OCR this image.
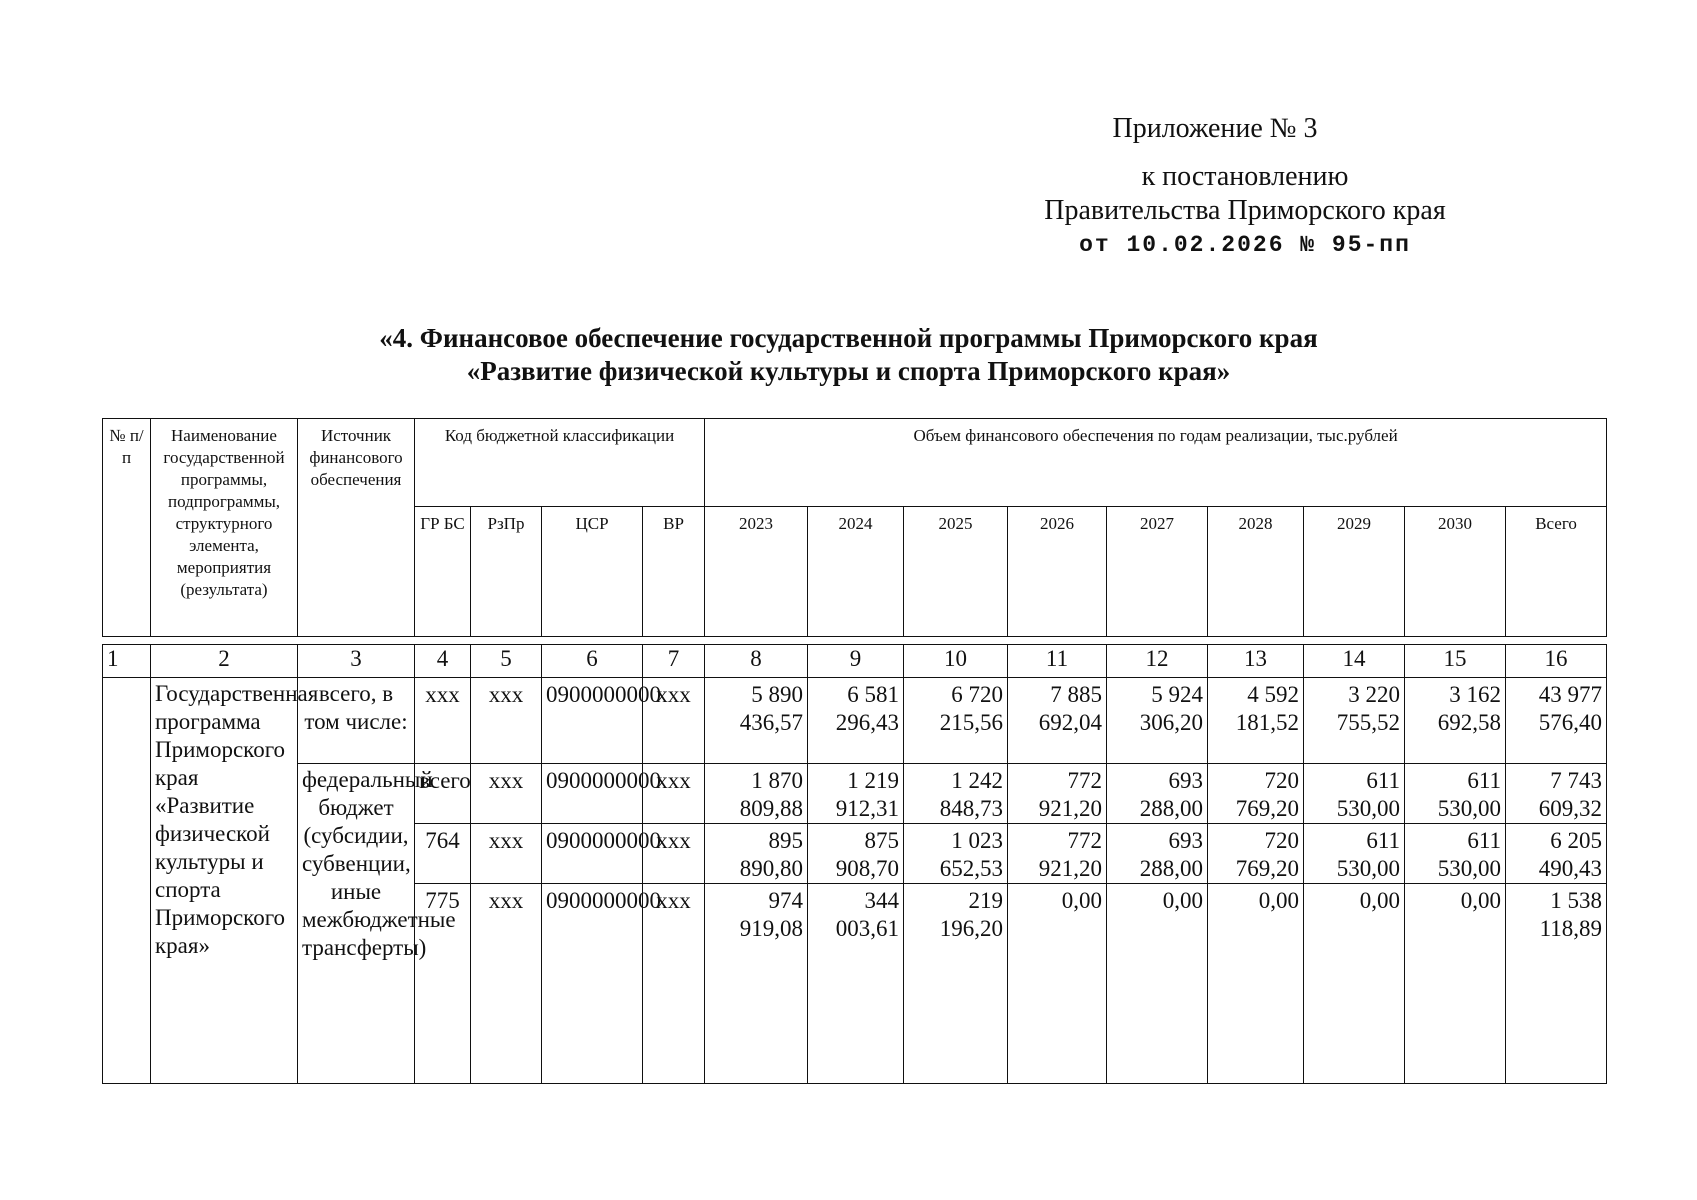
Приложение № 3
к постановлению
Правительства Приморского края
от 10.02.2026 № 95-пп
«4. Финансовое обеспечение государственной программы Приморского края
«Развитие физической культуры и спорта Приморского края»
№ п/п	Наименование государственной программы, подпрограммы, структурного элемента, мероприятия (результата)	Источник финансового обеспечения	Код бюджетной классификации				Объем финансового обеспечения по годам реализации, тыс.рублей								
			ГР БС	РзПр	ЦСР	ВР	2023	2024	2025	2026	2027	2028	2029	2030	Всего
1	2	3	4	5	6	7	8	9	10	11	12	13	14	15	16
	Государственная программа Приморского края «Развитие физической культуры и спорта Приморского края»	всего, в том числе:	ххх	ххх	0900000000	ххх	5 890 436,57	6 581 296,43	6 720 215,56	7 885 692,04	5 924 306,20	4 592 181,52	3 220 755,52	3 162 692,58	43 977 576,40
		федеральный бюджет (субсидии, субвенции, иные межбюджетные трансферты)	всего	ххх	0900000000	ххх	1 870 809,88	1 219 912,31	1 242 848,73	772 921,20	693 288,00	720 769,20	611 530,00	611 530,00	7 743 609,32
			764	ххх	0900000000	ххх	895 890,80	875 908,70	1 023 652,53	772 921,20	693 288,00	720 769,20	611 530,00	611 530,00	6 205 490,43
			775	ххх	0900000000	ххх	974 919,08	344 003,61	219 196,20	0,00	0,00	0,00	0,00	0,00	1 538 118,89
